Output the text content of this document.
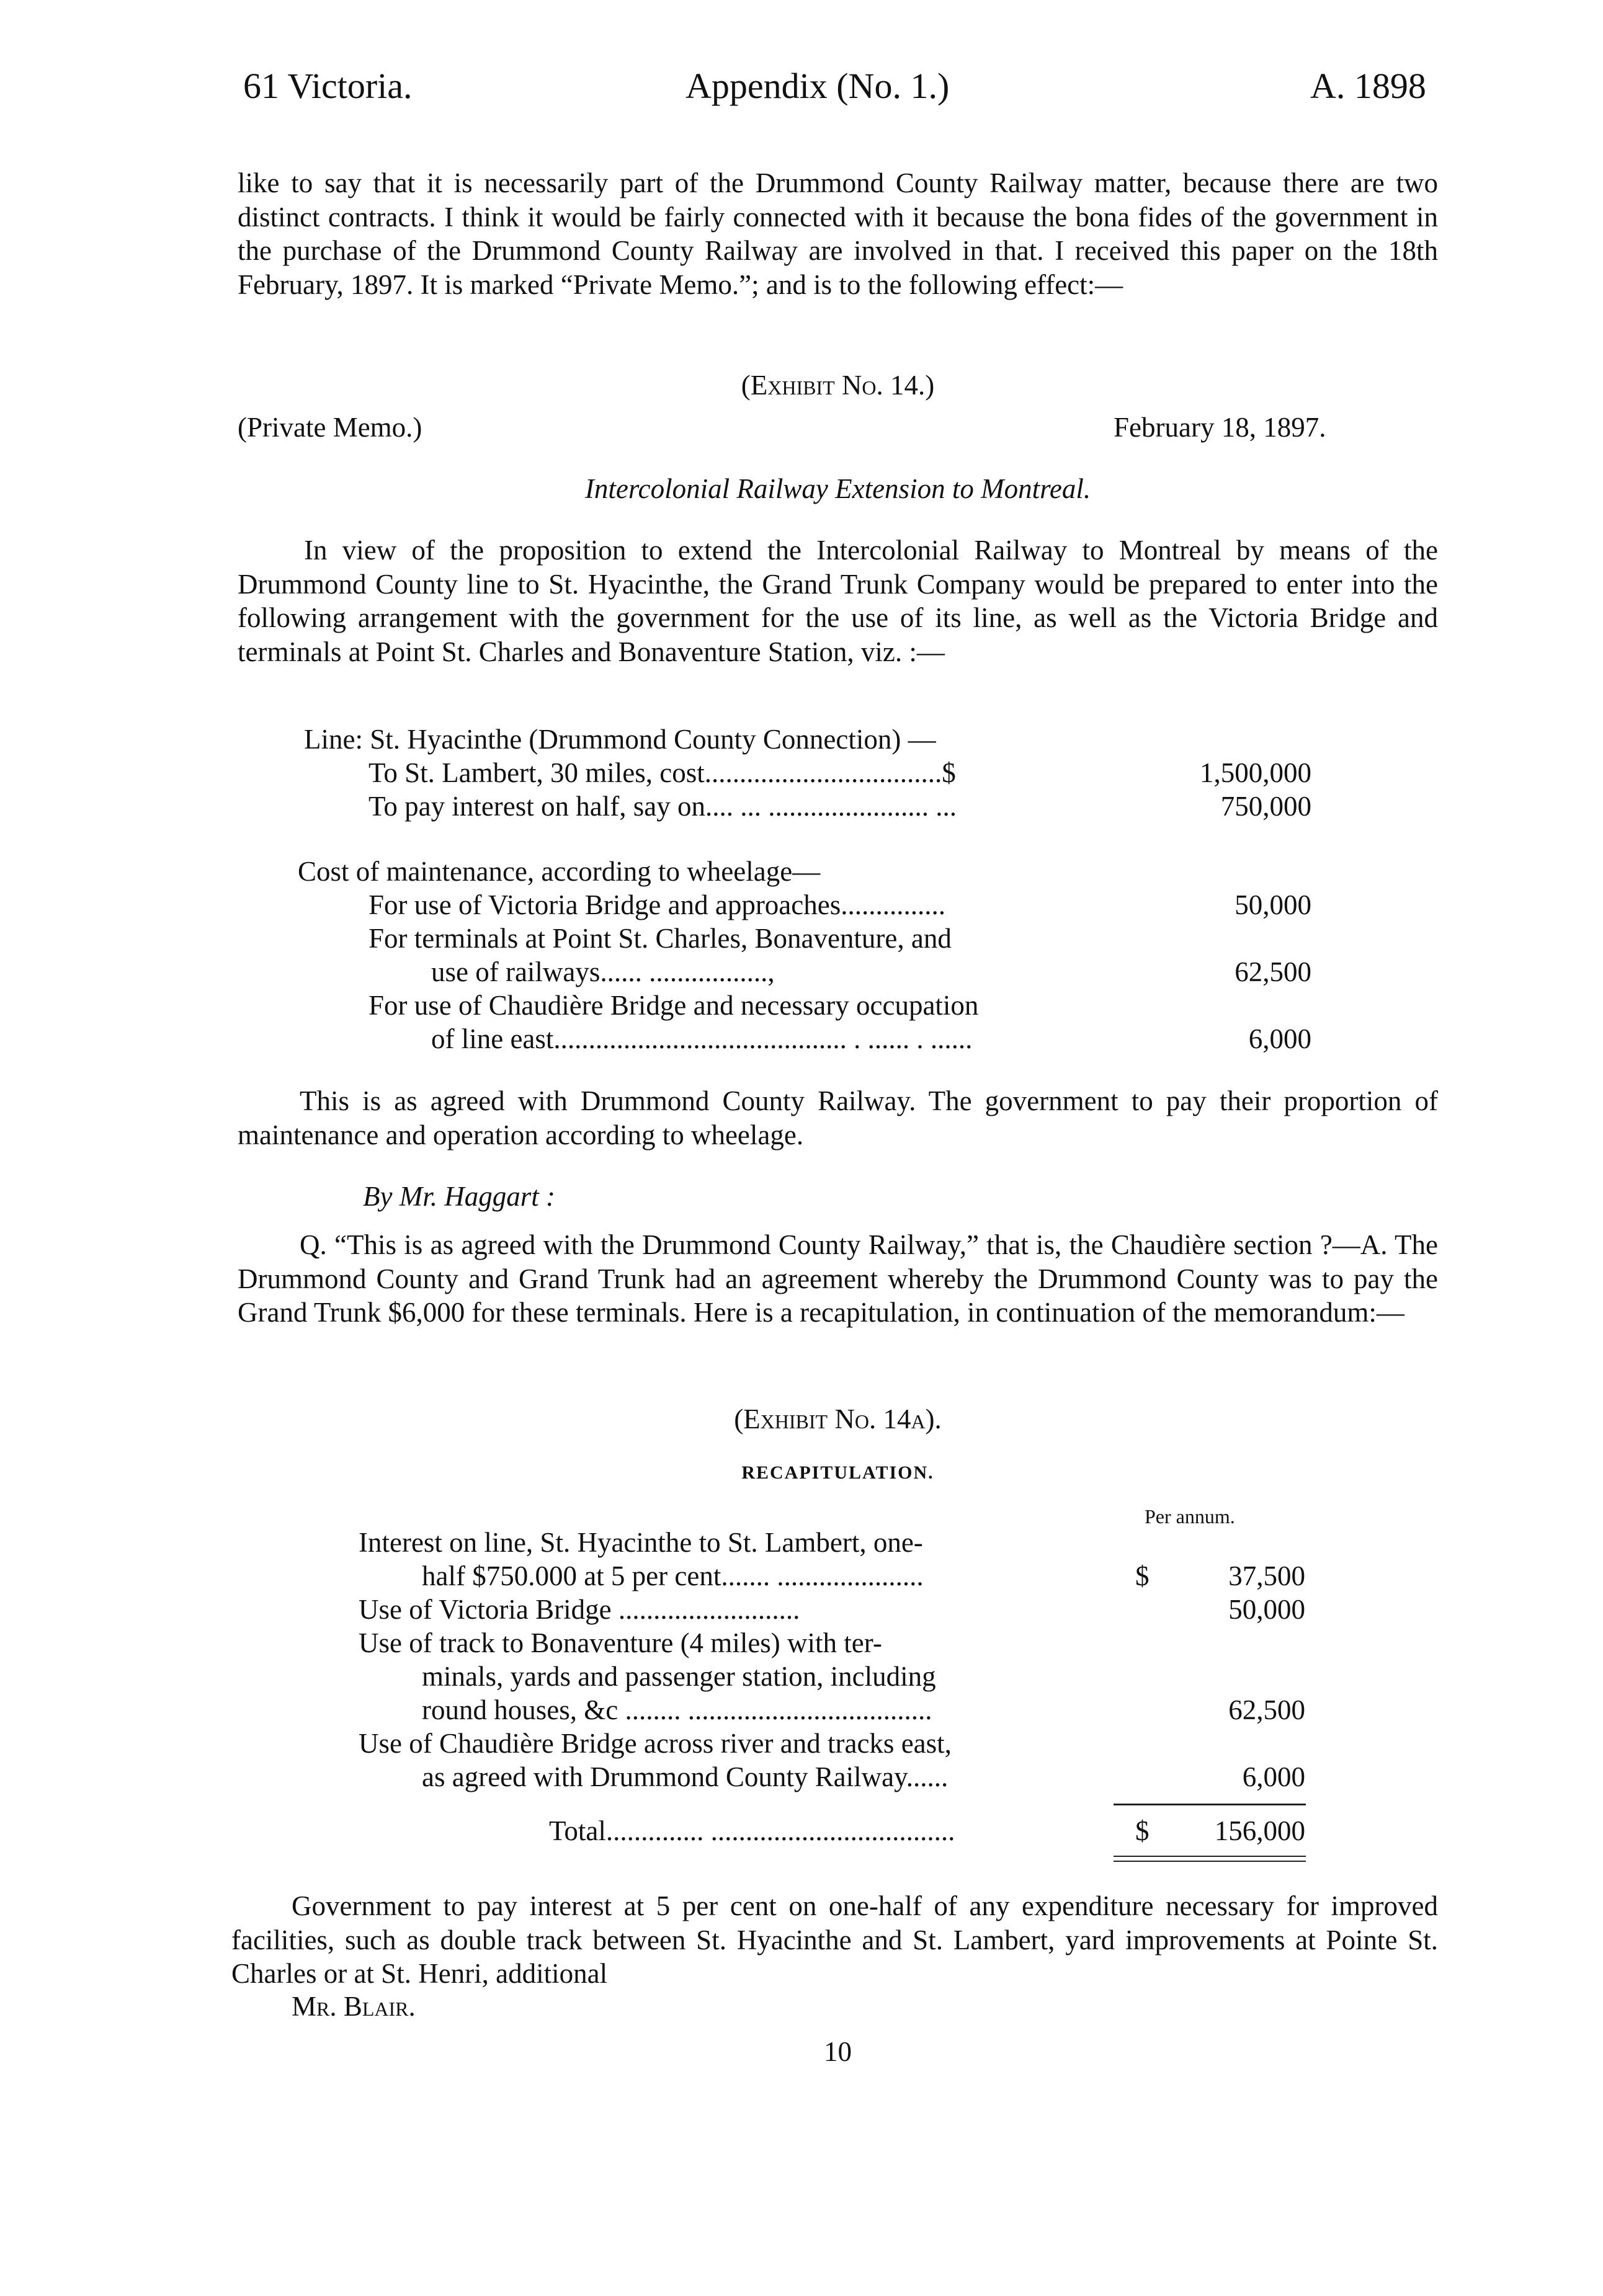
61 Victoria.	Appendix (No. 1.)	A. 1898
like to say that it is necessarily part of the Drummond County Railway matter, because there are two distinct contracts. I think it would be fairly connected with it because the bona fides of the government in the purchase of the Drummond County Railway are involved in that. I received this paper on the 18th February, 1897. It is marked “Private Memo.”; and is to the following effect:—
(Exhibit No. 14.)
(Private Memo.)	February 18, 1897.
Intercolonial Railway Extension to Montreal.
In view of the proposition to extend the Intercolonial Railway to Montreal by means of the Drummond County line to St. Hyacinthe, the Grand Trunk Company would be prepared to enter into the following arrangement with the government for the use of its line, as well as the Victoria Bridge and terminals at Point St. Charles and Bonaventure Station, viz. :—
Line: St. Hyacinthe (Drummond County Connection) —
To St. Lambert, 30 miles, cost..................................$	1,500,000
To pay interest on half, say on.... ... ....................... ...	750,000
Cost of maintenance, according to wheelage—
For use of Victoria Bridge and approaches...............	50,000
For terminals at Point St. Charles, Bonaventure, and
use of railways...... .................,	62,500
For use of Chaudière Bridge and necessary occupation
of line east.......................................... . ...... . ......	6,000
This is as agreed with Drummond County Railway. The government to pay their proportion of maintenance and operation according to wheelage.
By Mr. Haggart :
Q. “This is as agreed with the Drummond County Railway,” that is, the Chaudière section ?—A. The Drummond County and Grand Trunk had an agreement whereby the Drummond County was to pay the Grand Trunk $6,000 for these terminals. Here is a recapitulation, in continuation of the memorandum:—
(Exhibit No. 14a).
RECAPITULATION.
Per annum.
Interest on line, St. Hyacinthe to St. Lambert, one-
half $750.000 at 5 per cent....... .....................	$	37,500
Use of Victoria Bridge ..........................	50,000
Use of track to Bonaventure (4 miles) with ter-
minals, yards and passenger station, including
round houses, &c ........ ...................................	62,500
Use of Chaudière Bridge across river and tracks east,
as agreed with Drummond County Railway......	6,000
Total.............. ...................................	$ 156,000
Government to pay interest at 5 per cent on one-half of any expenditure necessary for improved facilities, such as double track between St. Hyacinthe and St. Lambert, yard improvements at Pointe St. Charles or at St. Henri, additional
Mr. Blair.
10
